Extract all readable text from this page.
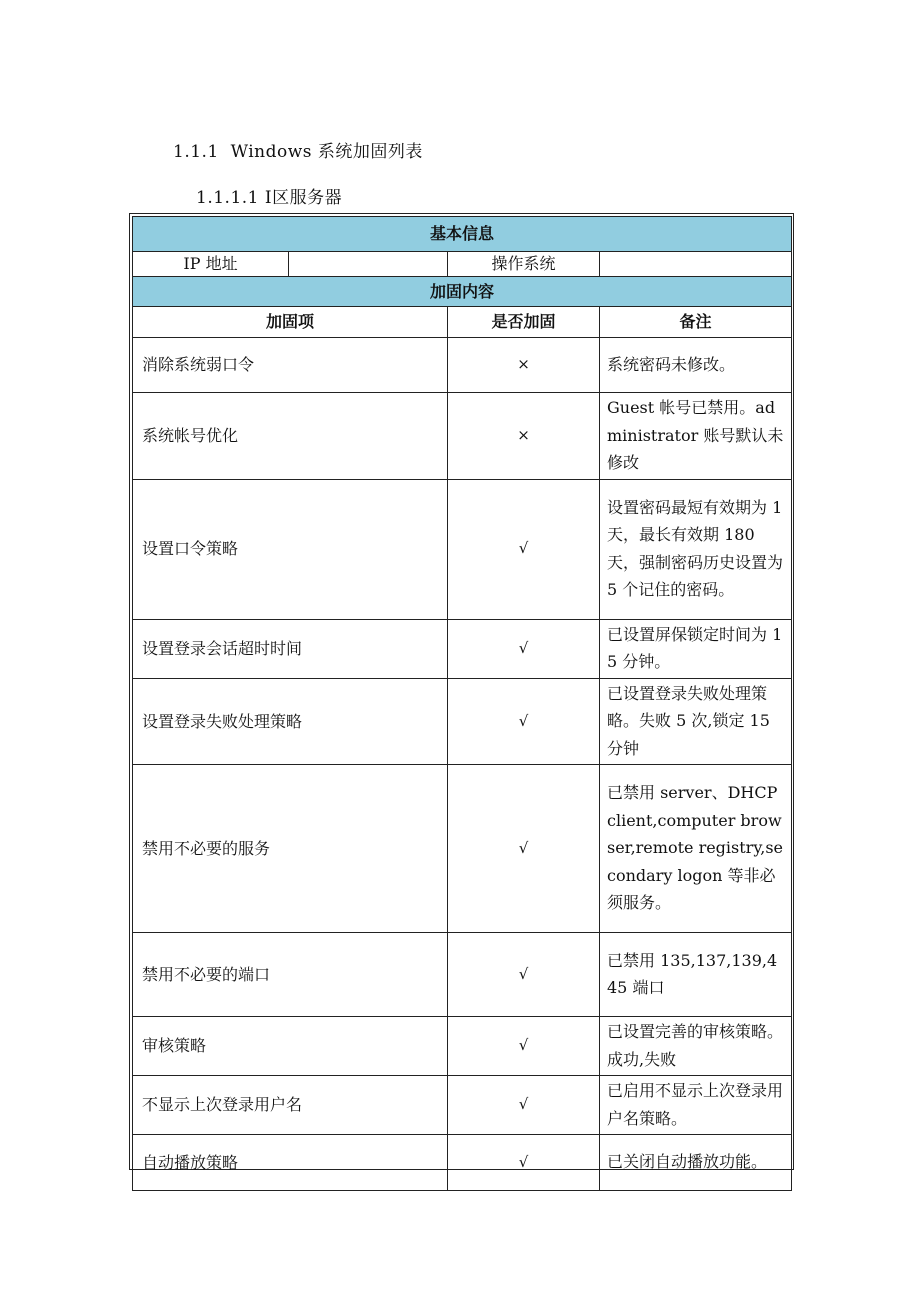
1.1.1  Windows 系统加固列表
1.1.1.1 Ⅰ区服务器
基本信息			
IP 地址		操作系统	
加固内容			
加固项		是否加固	备注
消除系统弱口令		×	系统密码未修改。
系统帐号优化		×	Guest 帐号已禁用。administrator 账号默认未修改
设置口令策略		√	设置密码最短有效期为 1 天，最长有效期 180 天，强制密码历史设置为 5 个记住的密码。
设置登录会话超时时间		√	已设置屏保锁定时间为 15 分钟。
设置登录失败处理策略		√	已设置登录失败处理策略。失败 5 次,锁定 15 分钟
禁用不必要的服务		√	已禁用 server、DHCP client,computer browser,remote registry,secondary logon 等非必须服务。
禁用不必要的端口		√	已禁用 135,137,139,445 端口
审核策略		√	已设置完善的审核策略。成功,失败
不显示上次登录用户名		√	已启用不显示上次登录用户名策略。
自动播放策略		√	已关闭自动播放功能。
